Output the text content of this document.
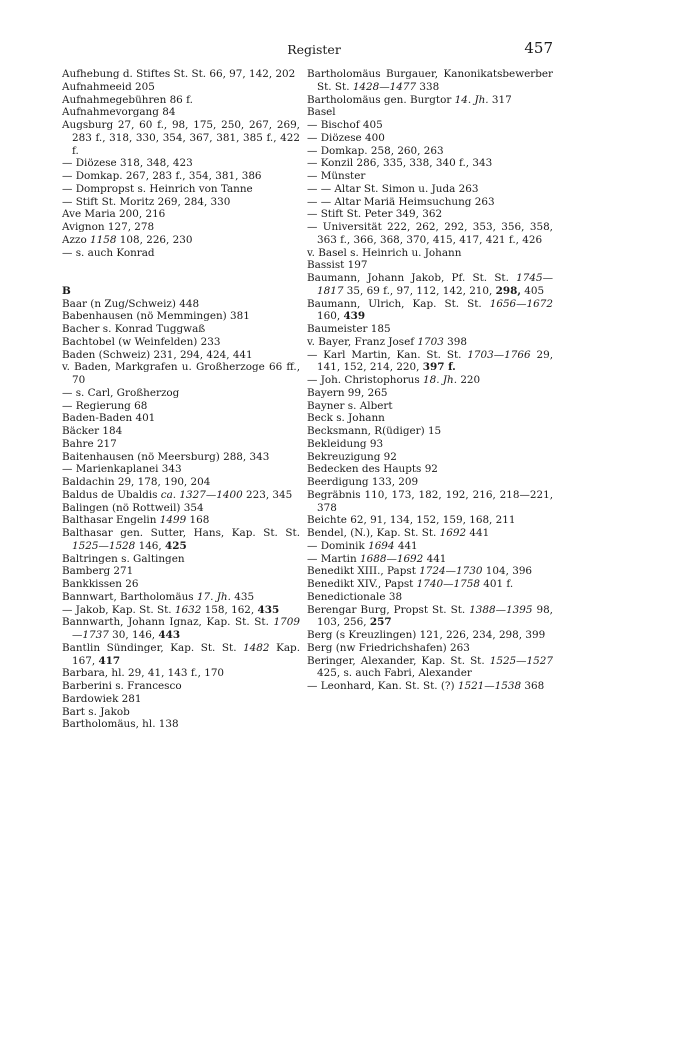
Register	457
Aufhebung d. Stiftes St. St. 66, 97, 142, 202
Aufnahmeeid 205
Aufnahmegebühren 86 f.
Aufnahmevorgang 84
Augsburg 27, 60 f., 98, 175, 250, 267, 269, 283 f., 318, 330, 354, 367, 381, 385 f., 422 f.
— Diözese 318, 348, 423
— Domkap. 267, 283 f., 354, 381, 386
— Dompropst s. Heinrich von Tanne
— Stift St. Moritz 269, 284, 330
Ave Maria 200, 216
Avignon 127, 278
Azzo 1158 108, 226, 230
— s. auch Konrad
B
Baar (n Zug/Schweiz) 448
Babenhausen (nö Memmingen) 381
Bacher s. Konrad Tuggwaß
Bachtobel (w Weinfelden) 233
Baden (Schweiz) 231, 294, 424, 441
v. Baden, Markgrafen u. Großherzoge 66 ff., 70
— s. Carl, Großherzog
— Regierung 68
Baden-Baden 401
Bäcker 184
Bahre 217
Baitenhausen (nö Meersburg) 288, 343
— Marienkaplanei 343
Baldachin 29, 178, 190, 204
Baldus de Ubaldis ca. 1327—1400 223, 345
Balingen (nö Rottweil) 354
Balthasar Engelin 1499 168
Balthasar gen. Sutter, Hans, Kap. St. St. 1525—1528 146, 425
Baltringen s. Galtingen
Bamberg 271
Bankkissen 26
Bannwart, Bartholomäus 17. Jh. 435
— Jakob, Kap. St. St. 1632 158, 162, 435
Bannwarth, Johann Ignaz, Kap. St. St. 1709—1737 30, 146, 443
Bantlin Sündinger, Kap. St. St. 1482 Kap. 167, 417
Barbara, hl. 29, 41, 143 f., 170
Barberini s. Francesco
Bardowiek 281
Bart s. Jakob
Bartholomäus, hl. 138
Bartholomäus Burgauer, Kanonikatsbewerber St. St. 1428—1477 338
Bartholomäus gen. Burgtor 14. Jh. 317
Basel
— Bischof 405
— Diözese 400
— Domkap. 258, 260, 263
— Konzil 286, 335, 338, 340 f., 343
— Münster
— — Altar St. Simon u. Juda 263
— — Altar Mariä Heimsuchung 263
— Stift St. Peter 349, 362
— Universität 222, 262, 292, 353, 356, 358, 363 f., 366, 368, 370, 415, 417, 421 f., 426
v. Basel s. Heinrich u. Johann
Bassist 197
Baumann, Johann Jakob, Pf. St. St. 1745—1817 35, 69 f., 97, 112, 142, 210, 298, 405
Baumann, Ulrich, Kap. St. St. 1656—1672 160, 439
Baumeister 185
v. Bayer, Franz Josef 1703 398
— Karl Martin, Kan. St. St. 1703—1766 29, 141, 152, 214, 220, 397 f.
— Joh. Christophorus 18. Jh. 220
Bayern 99, 265
Bayner s. Albert
Beck s. Johann
Becksmann, R(üdiger) 15
Bekleidung 93
Bekreuzigung 92
Bedecken des Haupts 92
Beerdigung 133, 209
Begräbnis 110, 173, 182, 192, 216, 218—221, 378
Beichte 62, 91, 134, 152, 159, 168, 211
Bendel, (N.), Kap. St. St. 1692 441
— Dominik 1694 441
— Martin 1688—1692 441
Benedikt XIII., Papst 1724—1730 104, 396
Benedikt XIV., Papst 1740—1758 401 f.
Benedictionale 38
Berengar Burg, Propst St. St. 1388—1395 98, 103, 256, 257
Berg (s Kreuzlingen) 121, 226, 234, 298, 399
Berg (nw Friedrichshafen) 263
Beringer, Alexander, Kap. St. St. 1525—1527 425, s. auch Fabri, Alexander
— Leonhard, Kan. St. St. (?) 1521—1538 368
